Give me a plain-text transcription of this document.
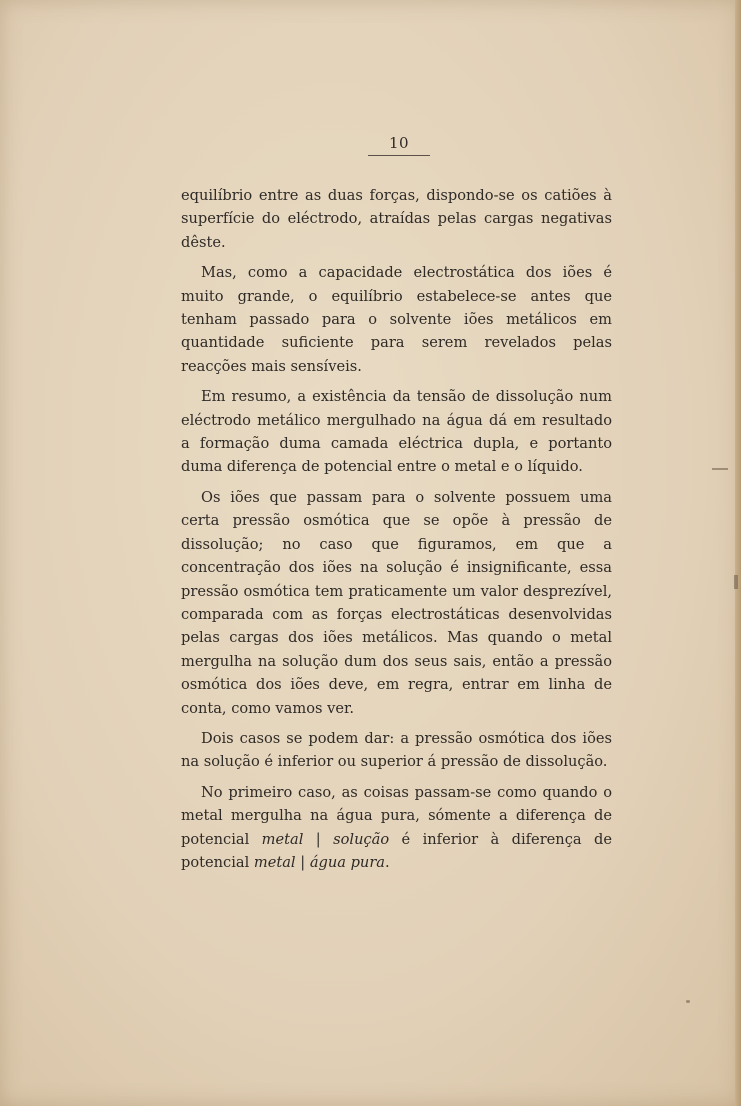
10

equilíbrio entre as duas forças, dispondo-se os catiões à superfície do eléctrodo, atraídas pelas cargas negativas dêste.

Mas, como a capacidade electrostática dos iões é muito grande, o equilíbrio estabelece-se antes que tenham passado para o solvente iões metálicos em quantidade suficiente para serem revelados pelas reacções mais sensíveis.

Em resumo, a existência da tensão de dissolução num eléctrodo metálico mergulhado na água dá em resultado a formação duma camada eléctrica dupla, e portanto duma diferença de potencial entre o metal e o líquido.

Os iões que passam para o solvente possuem uma certa pressão osmótica que se opõe à pressão de dissolução; no caso que figuramos, em que a concentração dos iões na solução é insignificante, essa pressão osmótica tem praticamente um valor desprezível, comparada com as forças electrostáticas desenvolvidas pelas cargas dos iões metálicos. Mas quando o metal mergulha na solução dum dos seus sais, então a pressão osmótica dos iões deve, em regra, entrar em linha de conta, como vamos ver.

Dois casos se podem dar: a pressão osmótica dos iões na solução é inferior ou superior á pressão de dissolução.

No primeiro caso, as coisas passam-se como quando o metal mergulha na água pura, sómente a diferença de potencial metal | solução é inferior à diferença de potencial metal | água pura.
